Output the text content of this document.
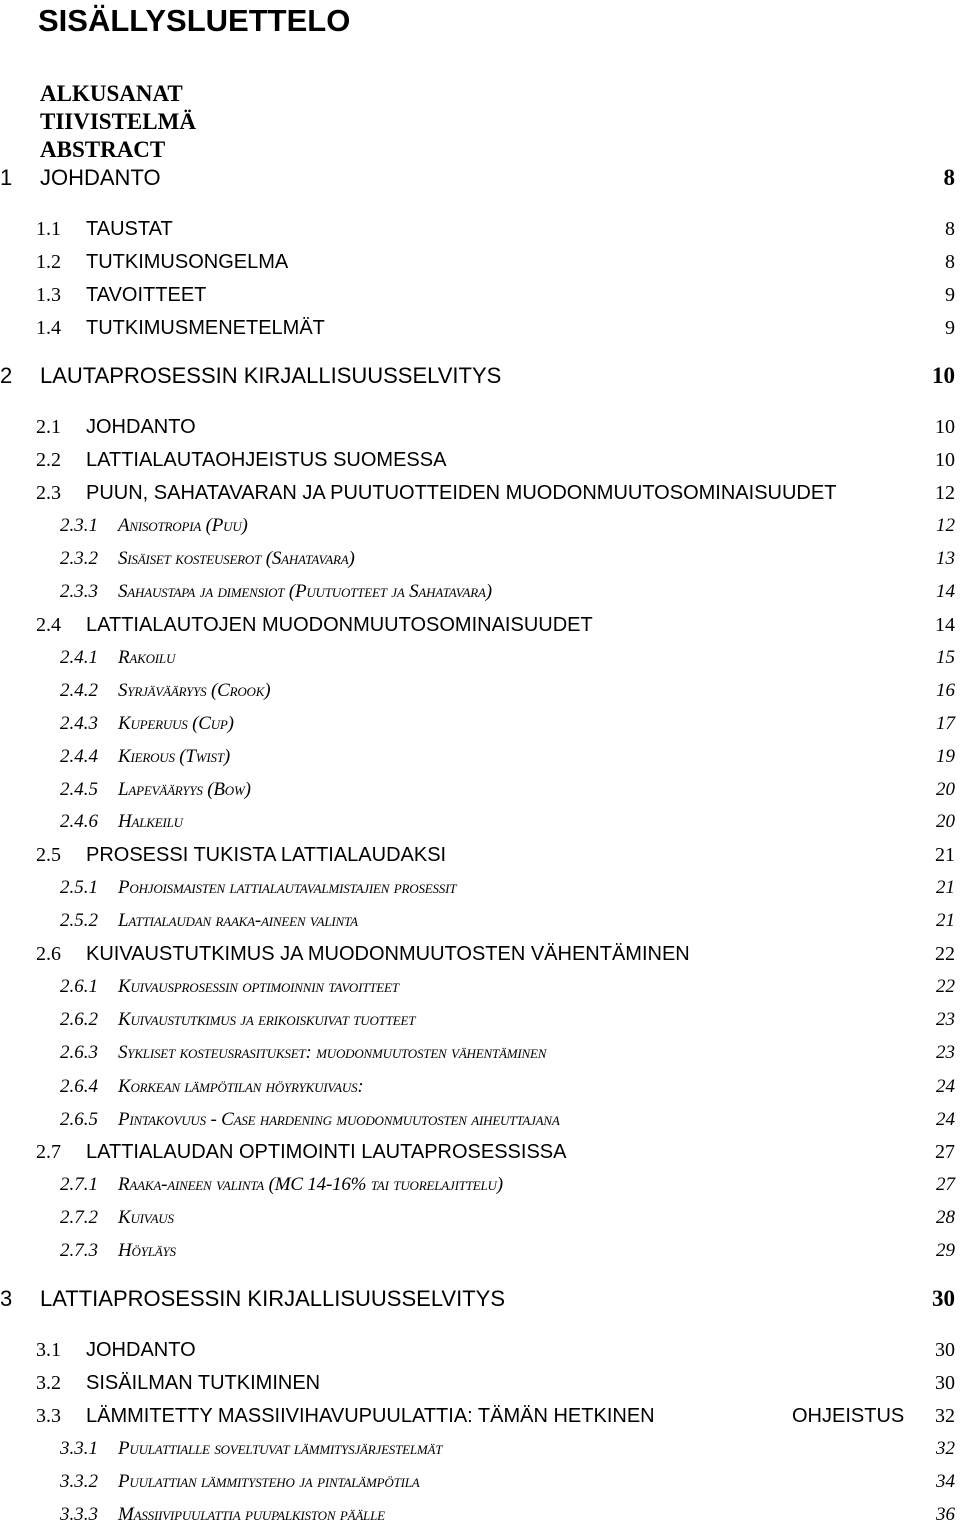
SISÄLLYSLUETTELO
ALKUSANAT
TIIVISTELMÄ
ABSTRACT
1 JOHDANTO	8
1.1 TAUSTAT	8
1.2 TUTKIMUSONGELMA	8
1.3 TAVOITTEET	9
1.4 TUTKIMUSMENETELMÄT	9
2 LAUTAPROSESSIN KIRJALLISUUSSELVITYS	10
2.1 JOHDANTO	10
2.2 LATTIALAUTAOHJEISTUS SUOMESSA	10
2.3 PUUN, SAHATAVARAN JA PUUTUOTTEIDEN MUODONMUUTOSOMINAISUUDET	12
2.3.1 Anisotropia (Puu)	12
2.3.2 Sisäiset kosteuserot (Sahatavara)	13
2.3.3 Sahaustapa ja dimensiot (Puutuotteet ja Sahatavara)	14
2.4 LATTIALAUTOJEN MUODONMUUTOSOMINAISUUDET	14
2.4.1 Rakoilu	15
2.4.2 Syrjävääryys (Crook)	16
2.4.3 Kuperuus (Cup)	17
2.4.4 Kierous (Twist)	19
2.4.5 Lapevääryys (Bow)	20
2.4.6 Halkeilu	20
2.5 PROSESSI TUKISTA LATTIALAUDAKSI	21
2.5.1 Pohjoismaisten lattialautavalmistajien prosessit	21
2.5.2 Lattialaudan raaka-aineen valinta	21
2.6 KUIVAUSTUTKIMUS JA MUODONMUUTOSTEN VÄHENTÄMINEN	22
2.6.1 Kuivausprosessin optimoinnin tavoitteet	22
2.6.2 Kuivaustutkimus ja erikoiskuivat tuotteet	23
2.6.3 Sykliset kosteusrasitukset: muodonmuutosten vähentäminen	23
2.6.4 Korkean lämpötilan höyrykuivaus:	24
2.6.5 Pintakovuus - Case hardening muodonmuutosten aiheuttajana	24
2.7 LATTIALAUDAN OPTIMOINTI LAUTAPROSESSISSA	27
2.7.1 Raaka-aineen valinta (MC 14-16% tai tuorelajittelu)	27
2.7.2 Kuivaus	28
2.7.3 Höyläys	29
3 LATTIAPROSESSIN KIRJALLISUUSSELVITYS	30
3.1 JOHDANTO	30
3.2 SISÄILMAN TUTKIMINEN	30
3.3 LÄMMITETTY MASSIIVIHAVUPUULATTIA: TÄMÄN HETKINEN	OHJEISTUS 32
3.3.1 Puulattialle soveltuvat lämmitysjärjestelmät	32
3.3.2 Puulattian lämmitysteho ja pintalämpötila	34
3.3.3 Massiivipuulattia puupalkiston päälle	36
